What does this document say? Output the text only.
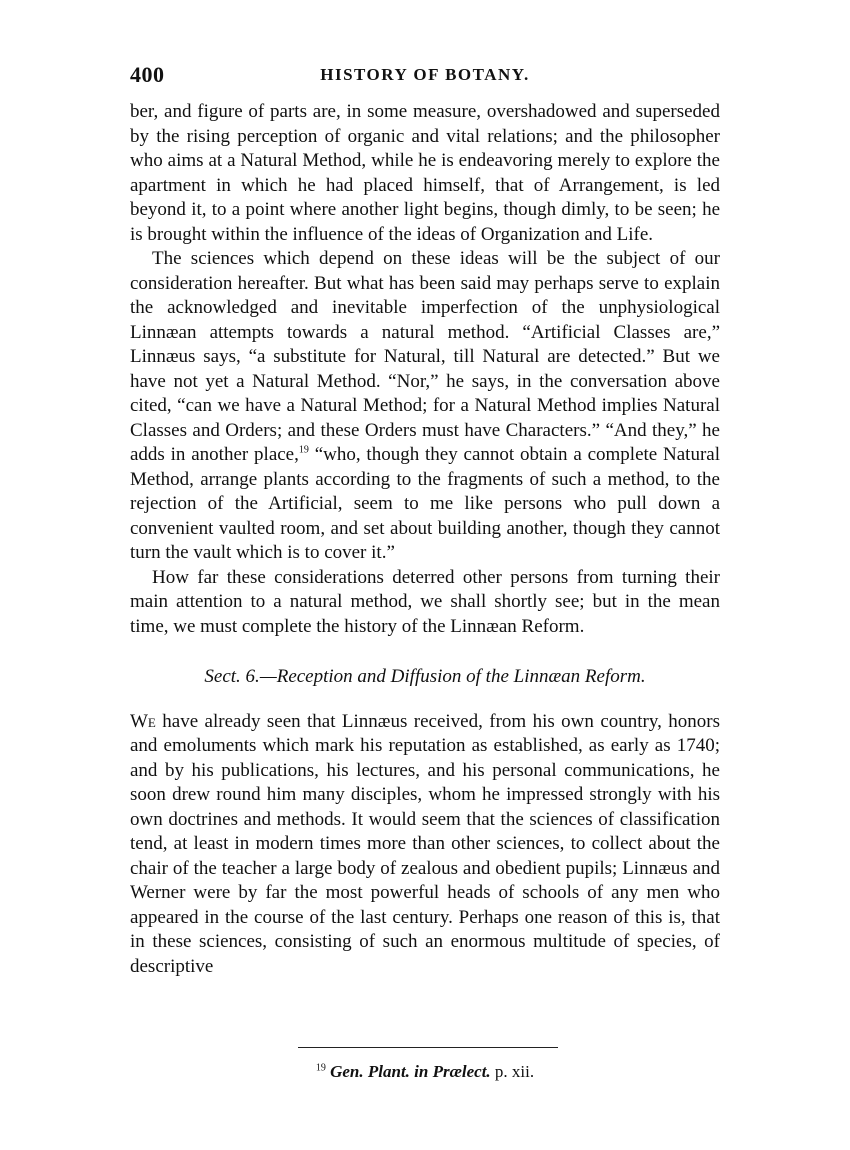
400	HISTORY OF BOTANY.

ber, and figure of parts are, in some measure, overshadowed and superseded by the rising perception of organic and vital relations; and the philosopher who aims at a Natural Method, while he is endeavoring merely to explore the apartment in which he had placed himself, that of Arrangement, is led beyond it, to a point where another light begins, though dimly, to be seen; he is brought within the influence of the ideas of Organization and Life.

The sciences which depend on these ideas will be the subject of our consideration hereafter. But what has been said may perhaps serve to explain the acknowledged and inevitable imperfection of the unphysiological Linnæan attempts towards a natural method. “Artificial Classes are,” Linnæus says, “a substitute for Natural, till Natural are detected.” But we have not yet a Natural Method. “Nor,” he says, in the conversation above cited, “can we have a Natural Method; for a Natural Method implies Natural Classes and Orders; and these Orders must have Characters.” “And they,” he adds in another place,$^{19}$ “who, though they cannot obtain a complete Natural Method, arrange plants according to the fragments of such a method, to the rejection of the Artificial, seem to me like persons who pull down a convenient vaulted room, and set about building another, though they cannot turn the vault which is to cover it.”

How far these considerations deterred other persons from turning their main attention to a natural method, we shall shortly see; but in the mean time, we must complete the history of the Linnæan Reform.

Sect. 6.—Reception and Diffusion of the Linnæan Reform.

We have already seen that Linnæus received, from his own country, honors and emoluments which mark his reputation as established, as early as 1740; and by his publications, his lectures, and his personal communications, he soon drew round him many disciples, whom he impressed strongly with his own doctrines and methods. It would seem that the sciences of classification tend, at least in modern times more than other sciences, to collect about the chair of the teacher a large body of zealous and obedient pupils; Linnæus and Werner were by far the most powerful heads of schools of any men who appeared in the course of the last century. Perhaps one reason of this is, that in these sciences, consisting of such an enormous multitude of species, of descriptive

$^{19}$ Gen. Plant. in Prælect. p. xii.
